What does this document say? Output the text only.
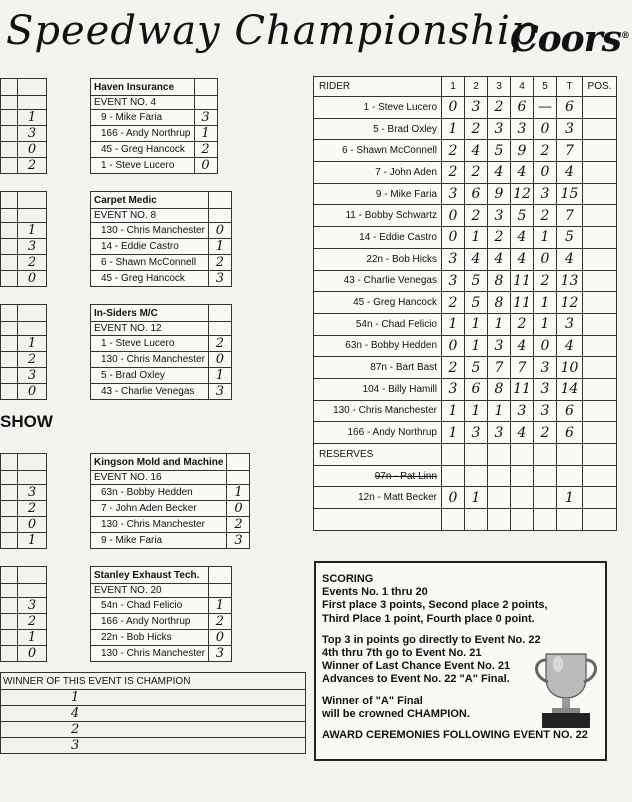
Speedway Championship
Coors®

	1
	3
	0
	2

	1
	3
	2
	0

	1
	2
	3
	0
SHOW

	3
	2
	0
	1

	3
	2
	1
	0
Haven Insurance	
EVENT NO. 4	
9 - Mike Faria	3
166 - Andy Northrup	1
45 - Greg Hancock	2
1 - Steve Lucero	0
Carpet Medic	
EVENT NO. 8	
130 - Chris Manchester	0
14 - Eddie Castro	1
6 - Shawn McConnell	2
45 - Greg Hancock	3
In-Siders M/C	
EVENT NO. 12	
1 - Steve Lucero	2
130 - Chris Manchester	0
5 - Brad Oxley	1
43 - Charlie Venegas	3
Kingson Mold and Machine	
EVENT NO. 16	
63n - Bobby Hedden	1
7 - John Aden Becker	0
130 - Chris Manchester	2
9 - Mike Faria	3
Stanley Exhaust Tech.	
EVENT NO. 20	
54n - Chad Felicio	1
166 - Andy Northrup	2
22n - Bob Hicks	0
130 - Chris Manchester	3
WINNER OF THIS EVENT IS CHAMPION
1
4
2
3
RIDER	1	2	3	4	5	T	POS.
1 - Steve Lucero	0	3	2	6	—	6	
5 - Brad Oxley	1	2	3	3	0	3	
6 - Shawn McConnell	2	4	5	9	2	7	
7 - John Aden	2	2	4	4	0	4	
9 - Mike Faria	3	6	9	12	3	15	
11 - Bobby Schwartz	0	2	3	5	2	7	
14 - Eddie Castro	0	1	2	4	1	5	
22n - Bob Hicks	3	4	4	4	0	4	
43 - Charlie Venegas	3	5	8	11	2	13	
45 - Greg Hancock	2	5	8	11	1	12	
54n - Chad Felicio	1	1	1	2	1	3	
63n - Bobby Hedden	0	1	3	4	0	4	
87n - Bart Bast	2	5	7	7	3	10	
104 - Billy Hamill	3	6	8	11	3	14	
130 - Chris Manchester	1	1	1	3	3	6	
166 - Andy Northrup	1	3	3	4	2	6	
RESERVES							
97n - Pat Linn							
12n - Matt Becker	0	1				1	

SCORING
Events No. 1 thru 20
First place 3 points, Second place 2 points,
Third Place 1 point, Fourth place 0 point.

Top 3 in points go directly to Event No. 22
4th thru 7th go to Event No. 21
Winner of Last Chance Event No. 21
Advances to Event No. 22 "A" Final.

Winner of "A" Final
will be crowned CHAMPION.

AWARD CEREMONIES FOLLOWING EVENT NO. 22
